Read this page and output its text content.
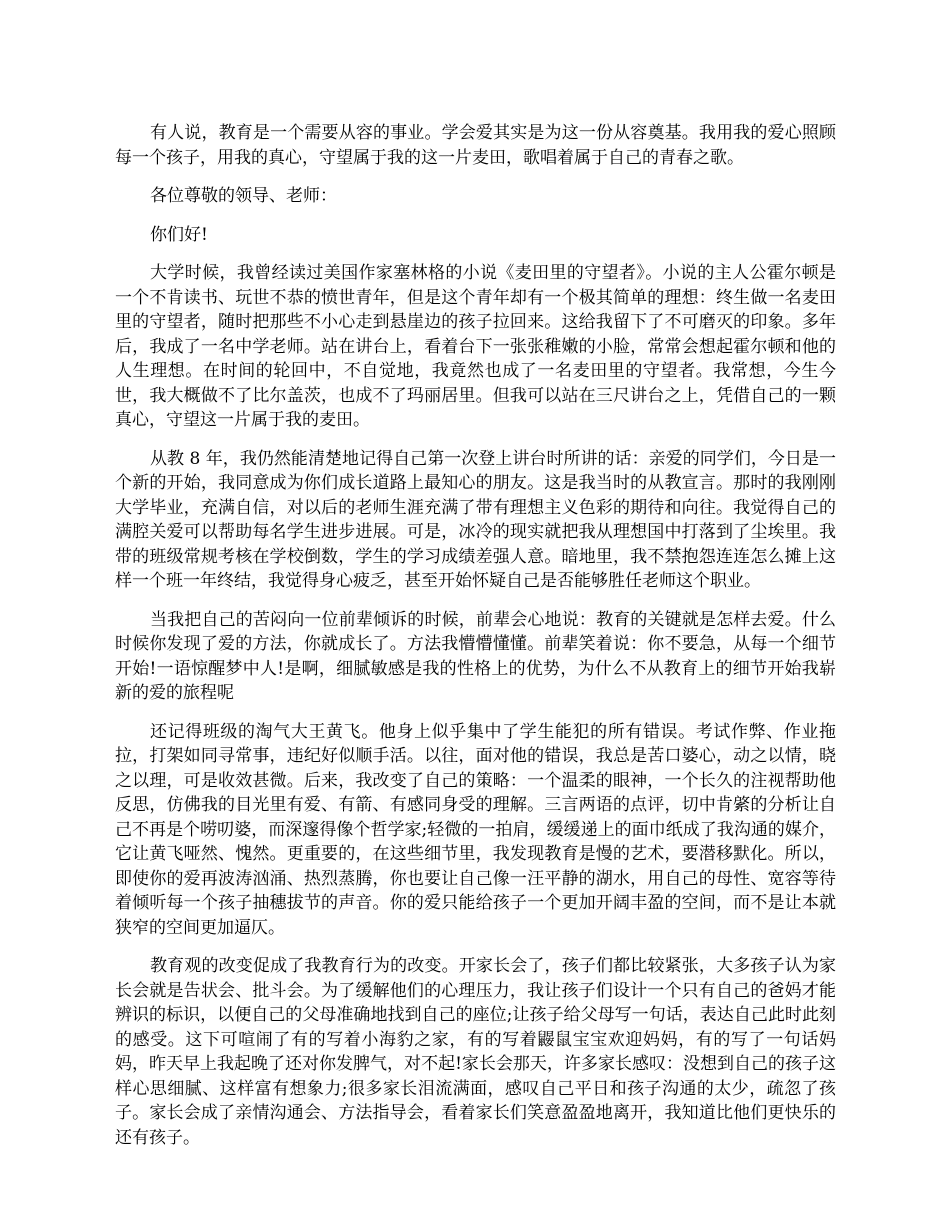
有人说，教育是一个需要从容的事业。学会爱其实是为这一份从容奠基。我用我的爱心照顾每一个孩子，用我的真心，守望属于我的这一片麦田，歌唱着属于自己的青春之歌。

各位尊敬的领导、老师：

你们好!

大学时候，我曾经读过美国作家塞林格的小说《麦田里的守望者》。小说的主人公霍尔顿是一个不肯读书、玩世不恭的愤世青年，但是这个青年却有一个极其简单的理想：终生做一名麦田里的守望者，随时把那些不小心走到悬崖边的孩子拉回来。这给我留下了不可磨灭的印象。多年后，我成了一名中学老师。站在讲台上，看着台下一张张稚嫩的小脸，常常会想起霍尔顿和他的人生理想。在时间的轮回中，不自觉地，我竟然也成了一名麦田里的守望者。我常想，今生今世，我大概做不了比尔盖茨，也成不了玛丽居里。但我可以站在三尺讲台之上，凭借自己的一颗真心，守望这一片属于我的麦田。

从教 8 年，我仍然能清楚地记得自己第一次登上讲台时所讲的话：亲爱的同学们，今日是一个新的开始，我同意成为你们成长道路上最知心的朋友。这是我当时的从教宣言。那时的我刚刚大学毕业，充满自信，对以后的老师生涯充满了带有理想主义色彩的期待和向往。我觉得自己的满腔关爱可以帮助每名学生进步进展。可是，冰冷的现实就把我从理想国中打落到了尘埃里。我带的班级常规考核在学校倒数，学生的学习成绩差强人意。暗地里，我不禁抱怨连连怎么摊上这样一个班一年终结，我觉得身心疲乏，甚至开始怀疑自己是否能够胜任老师这个职业。

当我把自己的苦闷向一位前辈倾诉的时候，前辈会心地说：教育的关键就是怎样去爱。什么时候你发现了爱的方法，你就成长了。方法我懵懵懂懂。前辈笑着说：你不要急，从每一个细节开始!一语惊醒梦中人!是啊，细腻敏感是我的性格上的优势，为什么不从教育上的细节开始我崭新的爱的旅程呢

还记得班级的淘气大王黄飞。他身上似乎集中了学生能犯的所有错误。考试作弊、作业拖拉，打架如同寻常事，违纪好似顺手活。以往，面对他的错误，我总是苦口婆心，动之以情，晓之以理，可是收效甚微。后来，我改变了自己的策略：一个温柔的眼神，一个长久的注视帮助他反思，仿佛我的目光里有爱、有箭、有感同身受的理解。三言两语的点评，切中肯綮的分析让自己不再是个唠叨婆，而深邃得像个哲学家;轻微的一拍肩，缓缓递上的面巾纸成了我沟通的媒介，它让黄飞哑然、愧然。更重要的，在这些细节里，我发现教育是慢的艺术，要潜移默化。所以，即使你的爱再波涛汹涌、热烈蒸腾，你也要让自己像一汪平静的湖水，用自己的母性、宽容等待着倾听每一个孩子抽穗拔节的声音。你的爱只能给孩子一个更加开阔丰盈的空间，而不是让本就狭窄的空间更加逼仄。

教育观的改变促成了我教育行为的改变。开家长会了，孩子们都比较紧张，大多孩子认为家长会就是告状会、批斗会。为了缓解他们的心理压力，我让孩子们设计一个只有自己的爸妈才能辨识的标识，以便自己的父母准确地找到自己的座位;让孩子给父母写一句话，表达自己此时此刻的感受。这下可喧闹了有的写着小海豹之家，有的写着鼹鼠宝宝欢迎妈妈，有的写了一句话妈妈，昨天早上我起晚了还对你发脾气，对不起!家长会那天，许多家长感叹：没想到自己的孩子这样心思细腻、这样富有想象力;很多家长泪流满面，感叹自己平日和孩子沟通的太少，疏忽了孩子。家长会成了亲情沟通会、方法指导会，看着家长们笑意盈盈地离开，我知道比他们更快乐的还有孩子。
